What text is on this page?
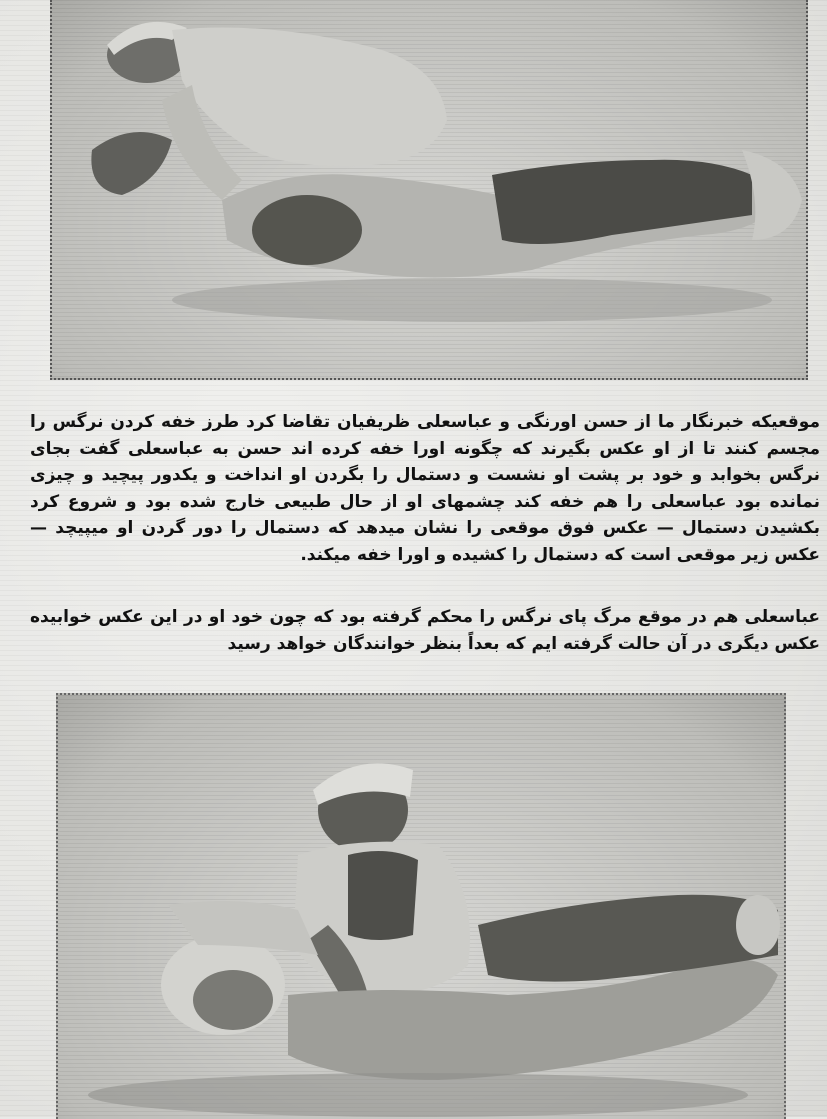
موقعیکه خبرنگار ما از حسن اورنگی و عباسعلی ظریفیان تقاضا کرد طرز خفه کردن نرگس را مجسم کنند تا از او عکس بگیرند که چگونه اورا خفه کرده اند حسن به عباسعلی گفت بجای نرگس بخوابد و خود بر پشت او نشست و دستمال را بگردن او انداخت و یکدور پیچید و چیزی نمانده بود عباسعلی را هم خفه کند چشمهای او از حال طبیعی خارج شده بود و شروع کرد بکشیدن دستمال — عکس فوق موقعی را نشان میدهد که دستمال را دور گردن او میپیچد — عکس زیر موقعی است که دستمال را کشیده و اورا خفه میکند.

عباسعلی هم در موقع مرگ پای نرگس را محکم گرفته بود که چون خود او در این عکس خوابیده عکس دیگری در آن حالت گرفته ایم که بعداً بنظر خوانندگان خواهد رسید
